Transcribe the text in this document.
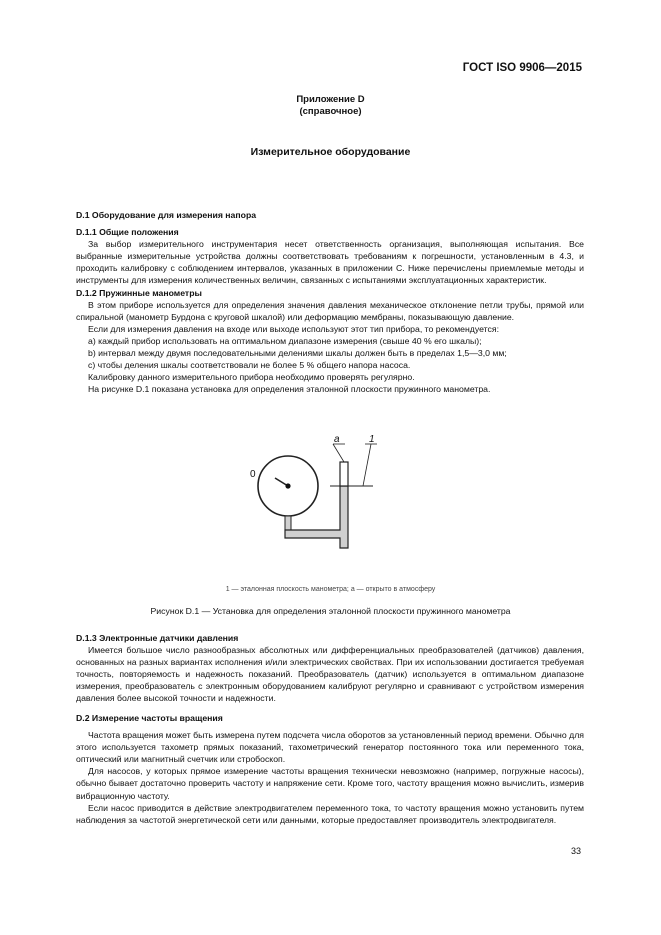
ГОСТ ISO 9906—2015
Приложение D
(справочное)
Измерительное оборудование
D.1 Оборудование для измерения напора
D.1.1 Общие положения

За выбор измерительного инструментария несет ответственность организация, выполняющая испытания. Все выбранные измерительные устройства должны соответствовать требованиям к погрешности, установленным в 4.3, и проходить калибровку с соблюдением интервалов, указанных в приложении С. Ниже перечислены приемлемые методы и инструменты для измерения количественных величин, связанных с испытаниями эксплуатационных характеристик.

D.1.2 Пружинные манометры

В этом приборе используется для определения значения давления механическое отклонение петли трубы, прямой или спиральной (манометр Бурдона с круговой шкалой) или деформацию мембраны, показывающую давление.

Если для измерения давления на входе или выходе используют этот тип прибора, то рекомендуется:

a) каждый прибор использовать на оптимальном диапазоне измерения (свыше 40 % его шкалы);

b) интервал между двумя последовательными делениями шкалы должен быть в пределах 1,5—3,0 мм;

c) чтобы деления шкалы соответствовали не более 5 % общего напора насоса.

Калибровку данного измерительного прибора необходимо проверять регулярно.

На рисунке D.1 показана установка для определения эталонной плоскости пружинного манометра.

0
a	1
1 — эталонная плоскость манометра; a — открыто в атмосферу
Рисунок D.1 — Установка для определения эталонной плоскости пружинного манометра
D.1.3 Электронные датчики давления

Имеется большое число разнообразных абсолютных или дифференциальных преобразователей (датчиков) давления, основанных на разных вариантах исполнения и/или электрических свойствах. При их использовании достигается требуемая точность, повторяемость и надежность показаний. Преобразователь (датчик) используется в оптимальном диапазоне измерения, преобразователь с электронным оборудованием калибруют регулярно и сравнивают с устройством измерения давления более высокой точности и надежности.

D.2 Измерение частоты вращения

Частота вращения может быть измерена путем подсчета числа оборотов за установленный период времени. Обычно для этого используется тахометр прямых показаний, тахометрический генератор постоянного тока или переменного тока, оптический или магнитный счетчик или стробоскоп.

Для насосов, у которых прямое измерение частоты вращения технически невозможно (например, погружные насосы), обычно бывает достаточно проверить частоту и напряжение сети. Кроме того, частоту вращения можно вычислить, измерив вибрационную частоту.

Если насос приводится в действие электродвигателем переменного тока, то частоту вращения можно установить путем наблюдения за частотой энергетической сети или данными, которые предоставляет производитель электродвигателя.

33
